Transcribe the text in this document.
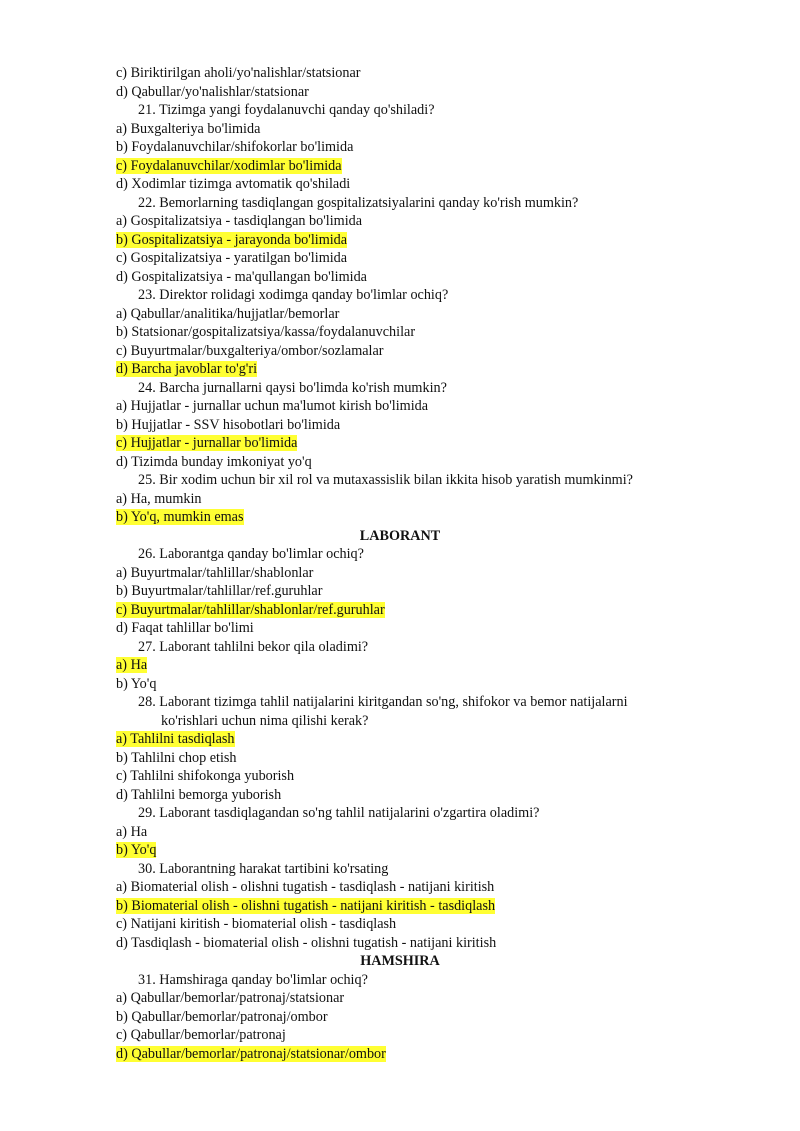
c) Biriktirilgan aholi/yo'nalishlar/statsionar
d) Qabullar/yo'nalishlar/statsionar
21. Tizimga yangi foydalanuvchi qanday qo'shiladi?
a) Buxgalteriya bo'limida
b) Foydalanuvchilar/shifokorlar bo'limida
c) Foydalanuvchilar/xodimlar bo'limida
d) Xodimlar tizimga avtomatik qo'shiladi
22. Bemorlarning tasdiqlangan gospitalizatsiyalarini qanday ko'rish mumkin?
a) Gospitalizatsiya - tasdiqlangan bo'limida
b) Gospitalizatsiya - jarayonda bo'limida
c) Gospitalizatsiya - yaratilgan bo'limida
d) Gospitalizatsiya - ma'qullangan bo'limida
23. Direktor rolidagi xodimga qanday bo'limlar ochiq?
a) Qabullar/analitika/hujjatlar/bemorlar
b) Statsionar/gospitalizatsiya/kassa/foydalanuvchilar
c) Buyurtmalar/buxgalteriya/ombor/sozlamalar
d) Barcha javoblar to'g'ri
24. Barcha jurnallarni qaysi bo'limda ko'rish mumkin?
a) Hujjatlar - jurnallar uchun ma'lumot kirish bo'limida
b) Hujjatlar - SSV hisobotlari bo'limida
c) Hujjatlar - jurnallar bo'limida
d) Tizimda bunday imkoniyat yo'q
25. Bir xodim uchun bir xil rol va mutaxassislik bilan ikkita hisob yaratish mumkinmi?
a) Ha, mumkin
b) Yo'q, mumkin emas
LABORANT
26. Laborantga qanday bo'limlar ochiq?
a) Buyurtmalar/tahlillar/shablonlar
b) Buyurtmalar/tahlillar/ref.guruhlar
c) Buyurtmalar/tahlillar/shablonlar/ref.guruhlar
d) Faqat tahlillar bo'limi
27. Laborant tahlilni bekor qila oladimi?
a) Ha
b) Yo'q
28. Laborant tizimga tahlil natijalarini kiritgandan so'ng, shifokor va bemor natijalarni
ko'rishlari uchun nima qilishi kerak?
a) Tahlilni tasdiqlash
b) Tahlilni chop etish
c) Tahlilni shifokonga yuborish
d) Tahlilni bemorga yuborish
29. Laborant tasdiqlagandan so'ng tahlil natijalarini o'zgartira oladimi?
a) Ha
b) Yo'q
30. Laborantning harakat tartibini ko'rsating
a) Biomaterial olish - olishni tugatish - tasdiqlash - natijani kiritish
b) Biomaterial olish - olishni tugatish - natijani kiritish - tasdiqlash
c) Natijani kiritish - biomaterial olish - tasdiqlash
d) Tasdiqlash - biomaterial olish - olishni tugatish - natijani kiritish
HAMSHIRA
31. Hamshiraga qanday bo'limlar ochiq?
a) Qabullar/bemorlar/patronaj/statsionar
b) Qabullar/bemorlar/patronaj/ombor
c) Qabullar/bemorlar/patronaj
d) Qabullar/bemorlar/patronaj/statsionar/ombor
